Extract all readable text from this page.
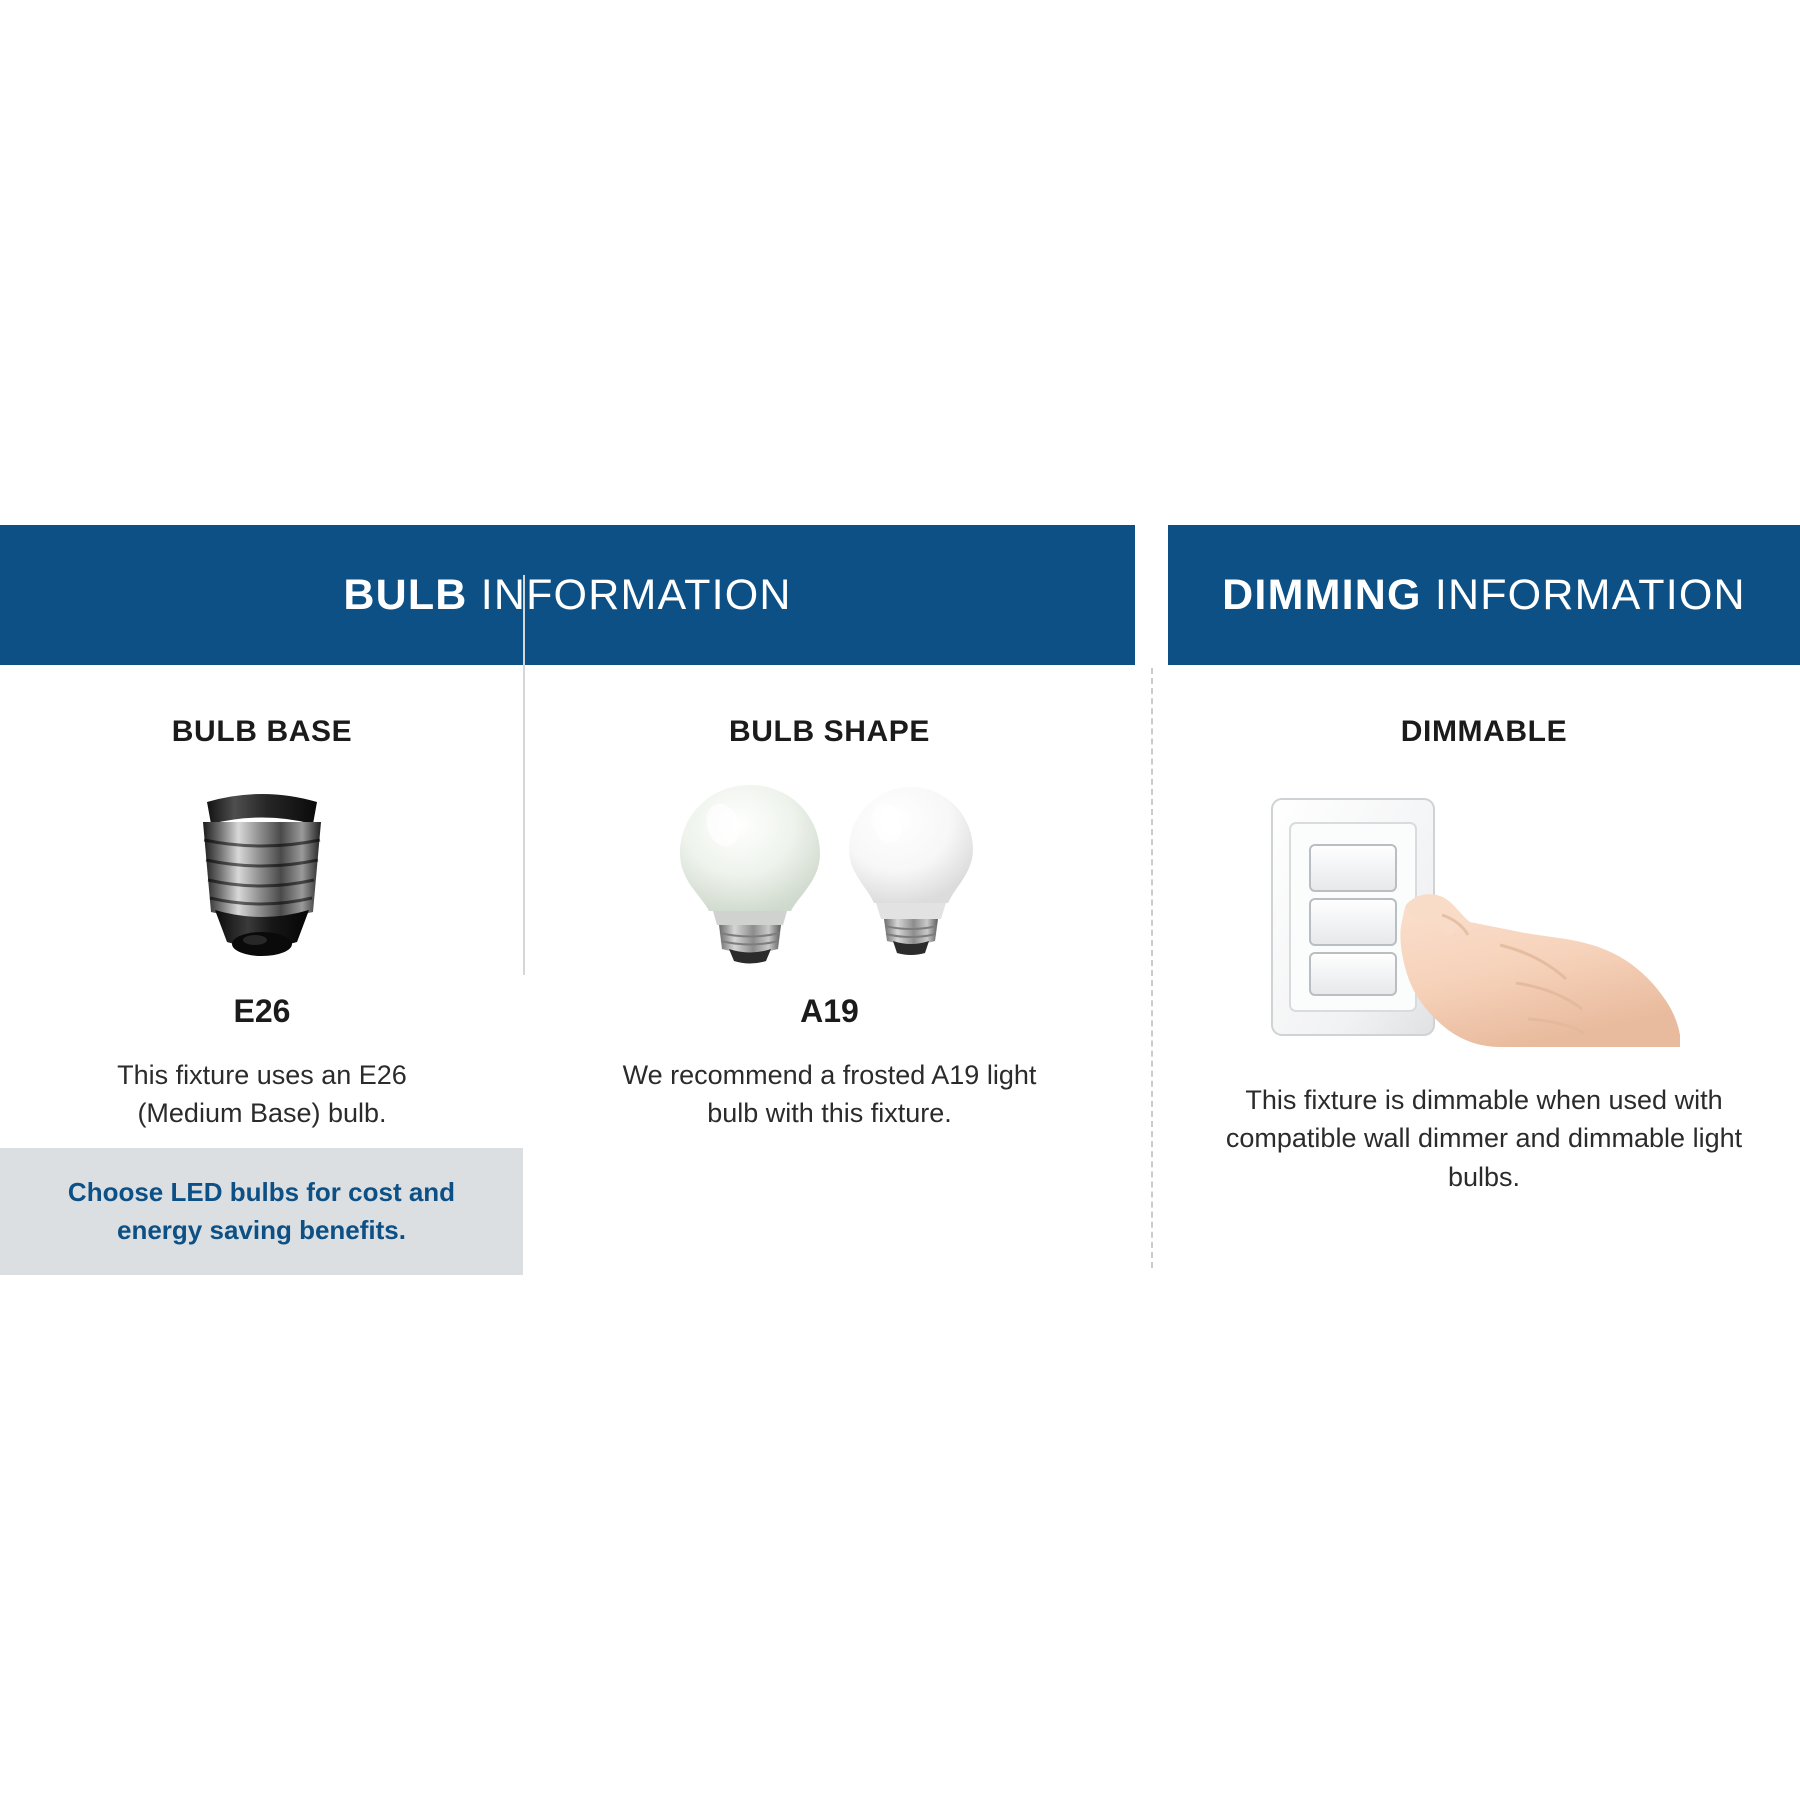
BULB INFORMATION
BULB BASE
E26
This fixture uses an E26 (Medium Base) bulb.
BULB SHAPE
A19
We recommend a frosted A19 light bulb with this fixture.
Choose LED bulbs for cost and energy saving benefits.
DIMMING INFORMATION
DIMMABLE
This fixture is dimmable when used with compatible wall dimmer and dimmable light bulbs.
